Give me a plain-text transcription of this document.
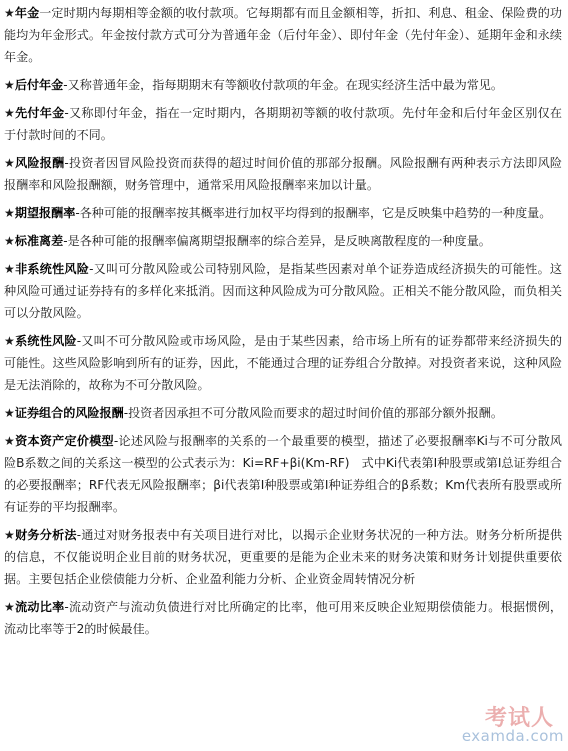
★年金一定时期内每期相等金额的收付款项。它每期都有而且金额相等，折扣、利息、租金、保险费的功能均为年金形式。年金按付款方式可分为普通年金（后付年金）、即付年金（先付年金）、延期年金和永续年金。

★后付年金-又称普通年金，指每期期末有等额收付款项的年金。在现实经济生活中最为常见。

★先付年金-又称即付年金，指在一定时期内，各期期初等额的收付款项。先付年金和后付年金区别仅在于付款时间的不同。

★风险报酬-投资者因冒风险投资而获得的超过时间价值的那部分报酬。风险报酬有两种表示方法即风险报酬率和风险报酬额，财务管理中，通常采用风险报酬率来加以计量。

★期望报酬率-各种可能的报酬率按其概率进行加权平均得到的报酬率，它是反映集中趋势的一种度量。

★标准离差-是各种可能的报酬率偏离期望报酬率的综合差异，是反映离散程度的一种度量。

★非系统性风险-又叫可分散风险或公司特别风险，是指某些因素对单个证券造成经济损失的可能性。这种风险可通过证券持有的多样化来抵消。因而这种风险成为可分散风险。正相关不能分散风险，而负相关可以分散风险。

★系统性风险-又叫不可分散风险或市场风险，是由于某些因素，给市场上所有的证券都带来经济损失的可能性。这些风险影响到所有的证券，因此，不能通过合理的证券组合分散掉。对投资者来说，这种风险是无法消除的，故称为不可分散风险。

★证券组合的风险报酬-投资者因承担不可分散风险而要求的超过时间价值的那部分额外报酬。

★资本资产定价模型-论述风险与报酬率的关系的一个最重要的模型，描述了必要报酬率Ki与不可分散风险B系数之间的关系这一模型的公式表示为：Ki=RF+βi(Km-RF)　式中Ki代表第I种股票或第I总证券组合的必要报酬率；RF代表无风险报酬率；βi代表第I种股票或第I种证券组合的β系数；Km代表所有股票或所有证券的平均报酬率。

★财务分析法-通过对财务报表中有关项目进行对比，以揭示企业财务状况的一种方法。财务分析所提供的信息，不仅能说明企业目前的财务状况，更重要的是能为企业未来的财务决策和财务计划提供重要依据。主要包括企业偿债能力分析、企业盈利能力分析、企业资金周转情况分析

★流动比率-流动资产与流动负债进行对比所确定的比率，他可用来反映企业短期偿债能力。根据惯例，流动比率等于2的时候最佳。

考试人
examda.com
